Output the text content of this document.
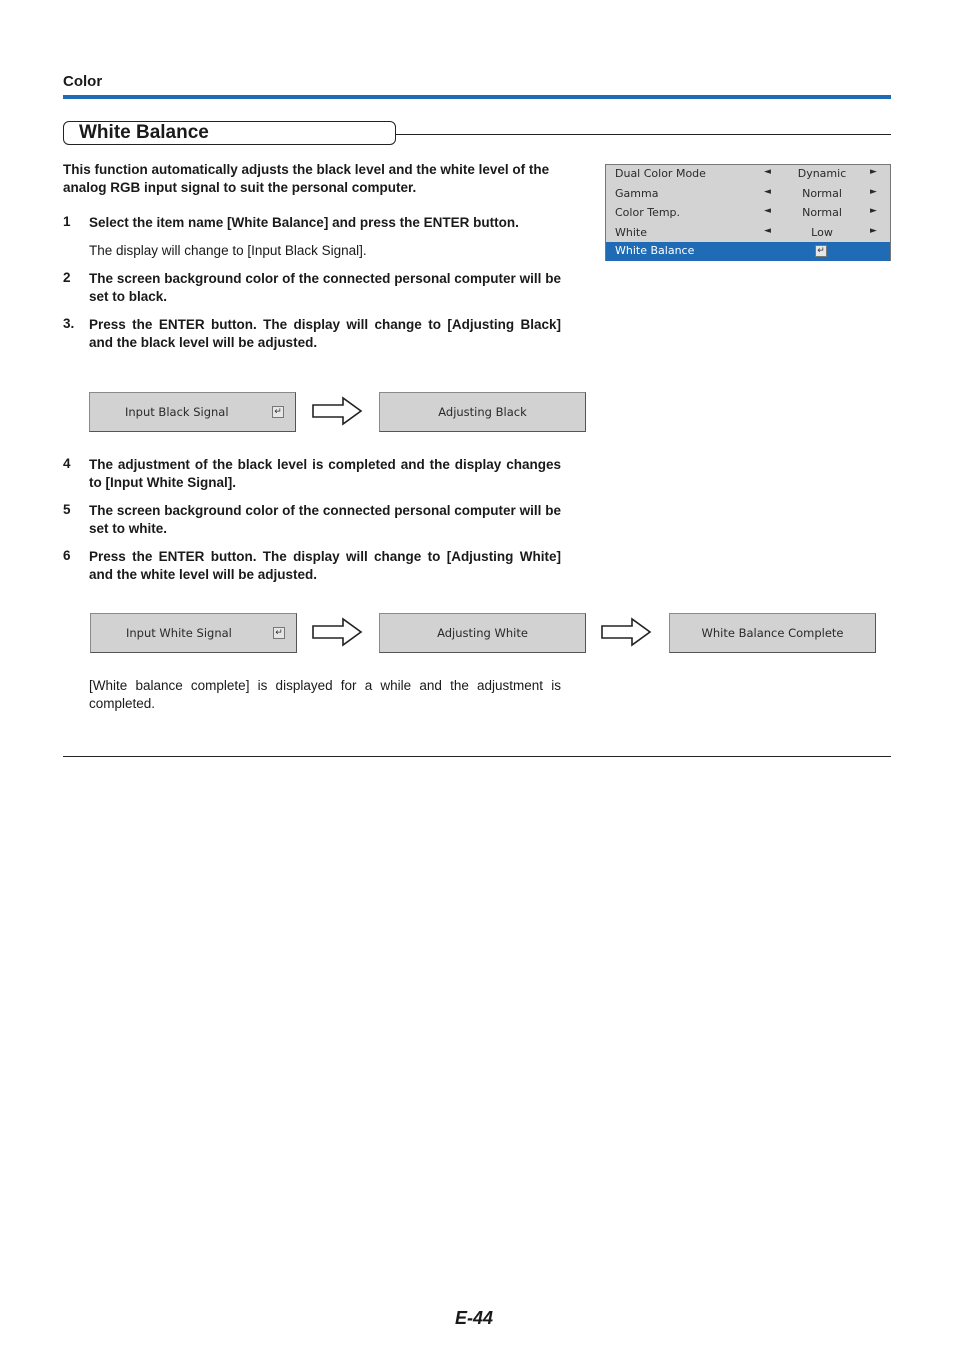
Color
White Balance
This function automatically adjusts the black level and the white level of the analog RGB input signal to suit the personal computer.
1 Select the item name [White Balance] and press the ENTER button.
The display will change to [Input Black Signal].
2 The screen background color of the connected personal computer will be set to black.
3. Press the ENTER button. The display will change to [Adjusting Black] and the black level will be adjusted.
Input Black Signal	↵	Adjusting Black
4 The adjustment of the black level is completed and the display changes to [Input White Signal].
5 The screen background color of the connected personal computer will be set to white.
6 Press the ENTER button. The display will change to [Adjusting White] and the white level will be adjusted.
Input White Signal	↵	Adjusting White	White Balance Complete
[White balance complete] is displayed for a while and the adjustment is completed.
Dual Color Mode	◄	Dynamic	►
Gamma	◄	Normal	►
Color Temp.	◄	Normal	►
White	◄	Low	►
White Balance	↵
E-44
